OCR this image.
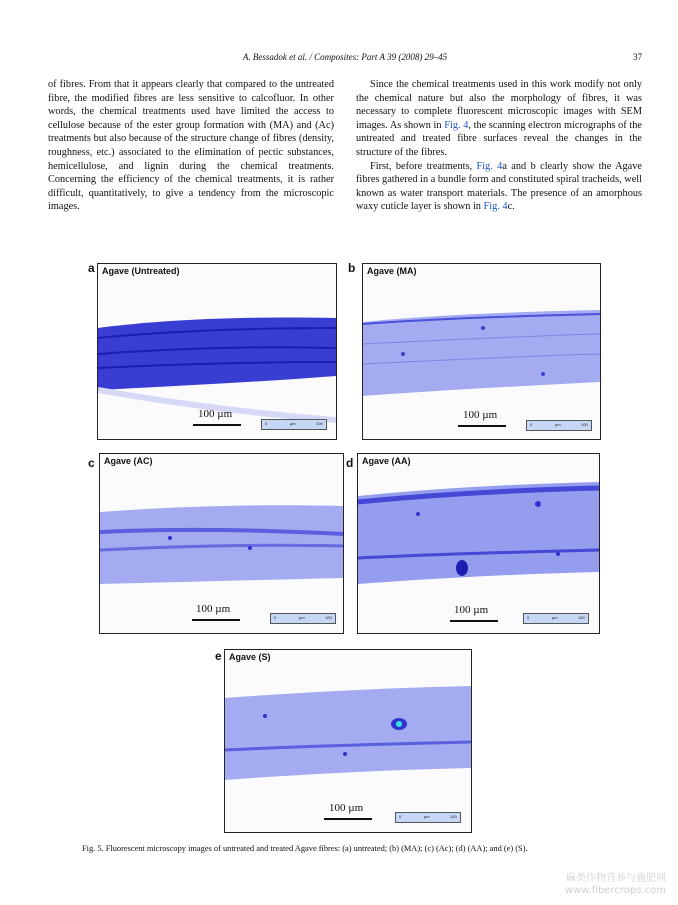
A. Bessadok et al. / Composites: Part A 39 (2008) 29–45	37

of fibres. From that it appears clearly that compared to the untreated fibre, the modified fibres are less sensitive to calcofluor. In other words, the chemical treatments used have limited the access to cellulose because of the ester group formation with (MA) and (Ac) treatments but also because of the structure change of fibres (density, roughness, etc.) associated to the elimination of pectic substances, hemicellulose, and lignin during the chemical treatments. Concerning the efficiency of the chemical treatments, it is rather difficult, quantitatively, to give a tendency from the microscopic images.

Since the chemical treatments used in this work modify not only the chemical nature but also the morphology of fibres, it was necessary to complete fluorescent microscopic images with SEM images. As shown in Fig. 4, the scanning electron micrographs of the untreated and treated fibre surfaces reveal the changes in the structure of the fibres.

First, before treatments, Fig. 4a and b clearly show the Agave fibres gathered in a bundle form and constituted spiral tracheids, well known as water transport materials. The presence of an amorphous waxy cuticle layer is shown in Fig. 4c.

a Agave (Untreated)
100 µm
0	µm	100
b Agave (MA)
100 µm
0	µm	100
c Agave (AC)
100 µm
0	µm	100
d Agave (AA)
100 µm
0	µm	100
e Agave (S)
100 µm
0	µm	100
Fig. 5. Fluorescent microscopy images of untreated and treated Agave fibres: (a) untreated; (b) (MA); (c) (Ac); (d) (AA); and (e) (S).
麻类作物营养与施肥网
www.fibercrops.com
